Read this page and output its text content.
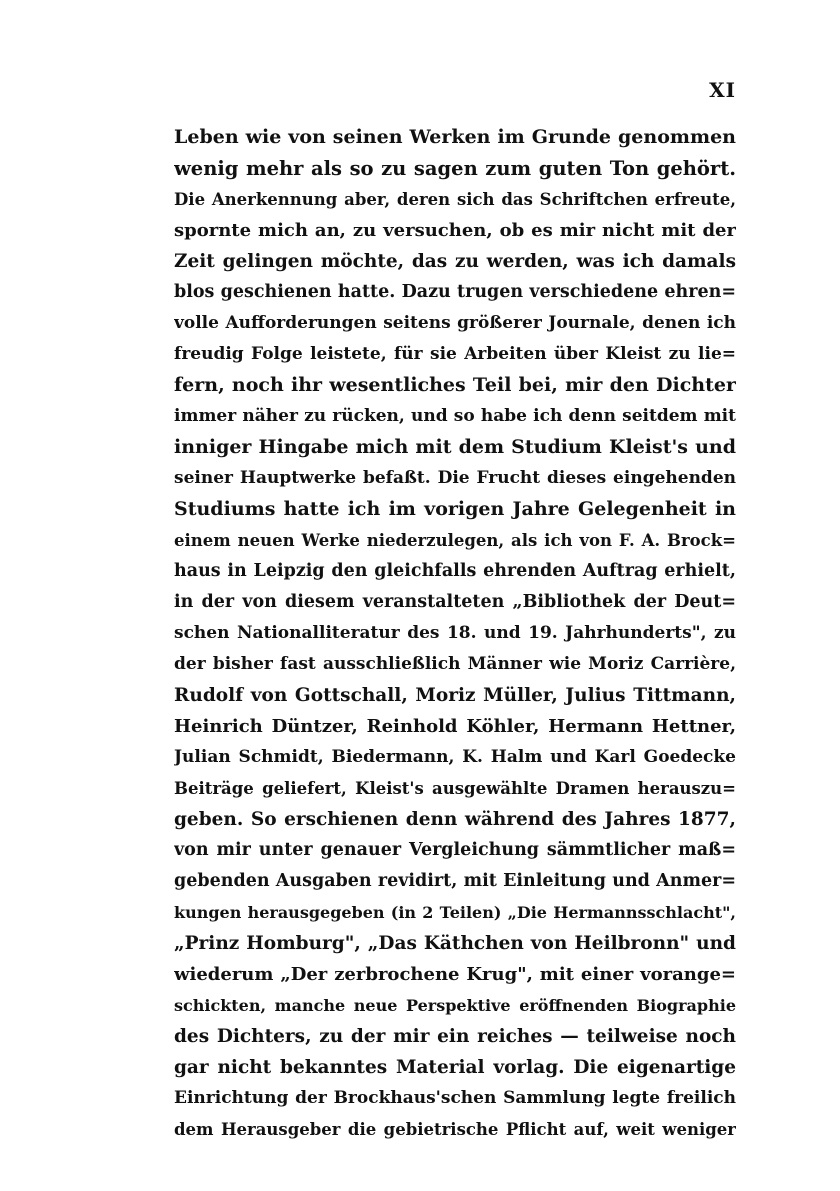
XI
Leben wie von seinen Werken im Grunde genommen
wenig mehr als so zu sagen zum guten Ton gehört.
Die Anerkennung aber, deren sich das Schriftchen erfreute,
spornte mich an, zu versuchen, ob es mir nicht mit der
Zeit gelingen möchte, das zu werden, was ich damals
blos geschienen hatte. Dazu trugen verschiedene ehren=
volle Aufforderungen seitens größerer Journale, denen ich
freudig Folge leistete, für sie Arbeiten über Kleist zu lie=
fern, noch ihr wesentliches Teil bei, mir den Dichter
immer näher zu rücken, und so habe ich denn seitdem mit
inniger Hingabe mich mit dem Studium Kleist's und
seiner Hauptwerke befaßt. Die Frucht dieses eingehenden
Studiums hatte ich im vorigen Jahre Gelegenheit in
einem neuen Werke niederzulegen, als ich von F. A. Brock=
haus in Leipzig den gleichfalls ehrenden Auftrag erhielt,
in der von diesem veranstalteten „Bibliothek der Deut=
schen Nationalliteratur des 18. und 19. Jahrhunderts", zu
der bisher fast ausschließlich Männer wie Moriz Carrière,
Rudolf von Gottschall, Moriz Müller, Julius Tittmann,
Heinrich Düntzer, Reinhold Köhler, Hermann Hettner,
Julian Schmidt, Biedermann, K. Halm und Karl Goedecke
Beiträge geliefert, Kleist's ausgewählte Dramen herauszu=
geben. So erschienen denn während des Jahres 1877,
von mir unter genauer Vergleichung sämmtlicher maß=
gebenden Ausgaben revidirt, mit Einleitung und Anmer=
kungen herausgegeben (in 2 Teilen) „Die Hermannsschlacht",
„Prinz Homburg", „Das Käthchen von Heilbronn" und
wiederum „Der zerbrochene Krug", mit einer vorange=
schickten, manche neue Perspektive eröffnenden Biographie
des Dichters, zu der mir ein reiches — teilweise noch
gar nicht bekanntes Material vorlag. Die eigenartige
Einrichtung der Brockhaus'schen Sammlung legte freilich
dem Herausgeber die gebietrische Pflicht auf, weit weniger
